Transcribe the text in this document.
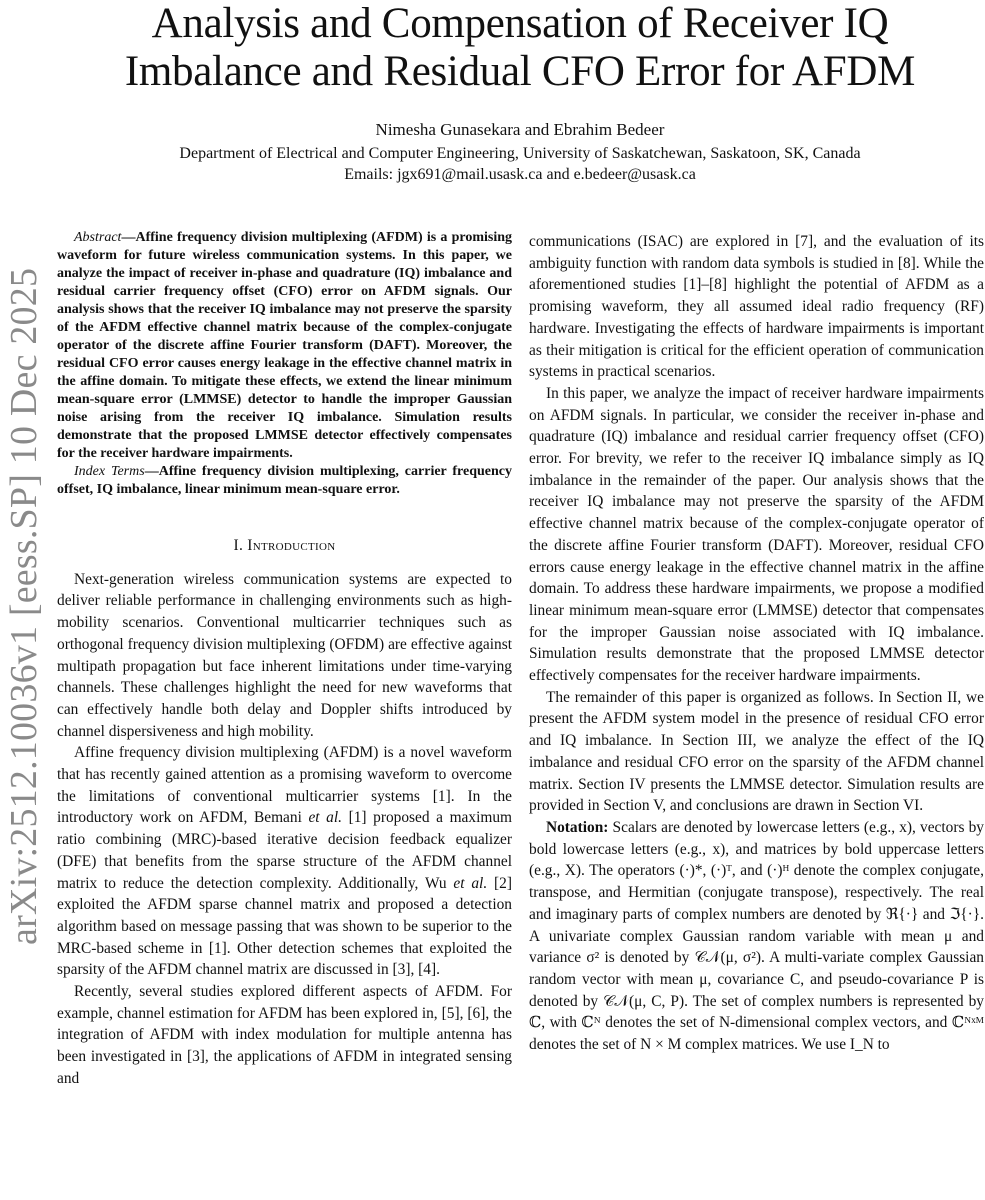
Analysis and Compensation of Receiver IQ
Imbalance and Residual CFO Error for AFDM
Nimesha Gunasekara and Ebrahim Bedeer
Department of Electrical and Computer Engineering, University of Saskatchewan, Saskatoon, SK, Canada
Emails: jgx691@mail.usask.ca and e.bedeer@usask.ca
arXiv:2512.10036v1 [eess.SP] 10 Dec 2025

Abstract—Affine frequency division multiplexing (AFDM) is a promising waveform for future wireless communication systems. In this paper, we analyze the impact of receiver in-phase and quadrature (IQ) imbalance and residual carrier frequency offset (CFO) error on AFDM signals. Our analysis shows that the receiver IQ imbalance may not preserve the sparsity of the AFDM effective channel matrix because of the complex-conjugate operator of the discrete affine Fourier transform (DAFT). Moreover, the residual CFO error causes energy leakage in the effective channel matrix in the affine domain. To mitigate these effects, we extend the linear minimum mean-square error (LMMSE) detector to handle the improper Gaussian noise arising from the receiver IQ imbalance. Simulation results demonstrate that the proposed LMMSE detector effectively compensates for the receiver hardware impairments.

Index Terms—Affine frequency division multiplexing, carrier frequency offset, IQ imbalance, linear minimum mean-square error.

I. Introduction

Next-generation wireless communication systems are expected to deliver reliable performance in challenging environments such as high-mobility scenarios. Conventional multicarrier techniques such as orthogonal frequency division multiplexing (OFDM) are effective against multipath propagation but face inherent limitations under time-varying channels. These challenges highlight the need for new waveforms that can effectively handle both delay and Doppler shifts introduced by channel dispersiveness and high mobility.

Affine frequency division multiplexing (AFDM) is a novel waveform that has recently gained attention as a promising waveform to overcome the limitations of conventional multicarrier systems [1]. In the introductory work on AFDM, Bemani et al. [1] proposed a maximum ratio combining (MRC)-based iterative decision feedback equalizer (DFE) that benefits from the sparse structure of the AFDM channel matrix to reduce the detection complexity. Additionally, Wu et al. [2] exploited the AFDM sparse channel matrix and proposed a detection algorithm based on message passing that was shown to be superior to the MRC-based scheme in [1]. Other detection schemes that exploited the sparsity of the AFDM channel matrix are discussed in [3], [4].

Recently, several studies explored different aspects of AFDM. For example, channel estimation for AFDM has been explored in, [5], [6], the integration of AFDM with index modulation for multiple antenna has been investigated in [3], the applications of AFDM in integrated sensing and

communications (ISAC) are explored in [7], and the evaluation of its ambiguity function with random data symbols is studied in [8]. While the aforementioned studies [1]–[8] highlight the potential of AFDM as a promising waveform, they all assumed ideal radio frequency (RF) hardware. Investigating the effects of hardware impairments is important as their mitigation is critical for the efficient operation of communication systems in practical scenarios.

In this paper, we analyze the impact of receiver hardware impairments on AFDM signals. In particular, we consider the receiver in-phase and quadrature (IQ) imbalance and residual carrier frequency offset (CFO) error. For brevity, we refer to the receiver IQ imbalance simply as IQ imbalance in the remainder of the paper. Our analysis shows that the receiver IQ imbalance may not preserve the sparsity of the AFDM effective channel matrix because of the complex-conjugate operator of the discrete affine Fourier transform (DAFT). Moreover, residual CFO errors cause energy leakage in the effective channel matrix in the affine domain. To address these hardware impairments, we propose a modified linear minimum mean-square error (LMMSE) detector that compensates for the improper Gaussian noise associated with IQ imbalance. Simulation results demonstrate that the proposed LMMSE detector effectively compensates for the receiver hardware impairments.

The remainder of this paper is organized as follows. In Section II, we present the AFDM system model in the presence of residual CFO error and IQ imbalance. In Section III, we analyze the effect of the IQ imbalance and residual CFO error on the sparsity of the AFDM channel matrix. Section IV presents the LMMSE detector. Simulation results are provided in Section V, and conclusions are drawn in Section VI.

Notation: Scalars are denoted by lowercase letters (e.g., x), vectors by bold lowercase letters (e.g., x), and matrices by bold uppercase letters (e.g., X). The operators (·)*, (·)ᵀ, and (·)ᴴ denote the complex conjugate, transpose, and Hermitian (conjugate transpose), respectively. The real and imaginary parts of complex numbers are denoted by ℜ{·} and ℑ{·}. A univariate complex Gaussian random variable with mean μ and variance σ² is denoted by 𝒞𝒩(μ, σ²). A multi-variate complex Gaussian random vector with mean μ, covariance C, and pseudo-covariance P is denoted by 𝒞𝒩(μ, C, P). The set of complex numbers is represented by ℂ, with ℂᴺ denotes the set of N-dimensional complex vectors, and ℂᴺˣᴹ denotes the set of N × M complex matrices. We use I_N to
